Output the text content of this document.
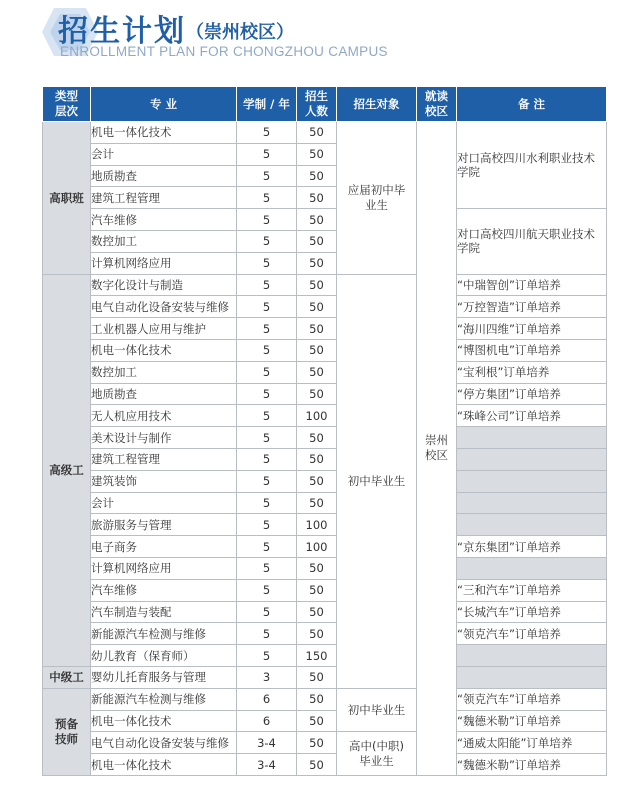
招生计划 （崇州校区）
ENROLLMENT PLAN FOR CHONGZHOU CAMPUS
类型层次	专 业	学制 / 年	招生人数	招生对象	就读校区	备 注
高职班	机电一体化技术	5	50	应届初中毕业生	崇州校区	对口高校四川水利职业技术学院
	会计	5	50			
	地质勘查	5	50			
	建筑工程管理	5	50			
	汽车维修	5	50			对口高校四川航天职业技术学院
	数控加工	5	50			
	计算机网络应用	5	50			
高级工	数字化设计与制造	5	50	初中毕业生		“中瑞智创”订单培养
	电气自动化设备安装与维修	5	50			“万控智造”订单培养
	工业机器人应用与维护	5	50			“海川四维”订单培养
	机电一体化技术	5	50			“博图机电”订单培养
	数控加工	5	50			“宝利根”订单培养
	地质勘查	5	50			“停方集团”订单培养
	无人机应用技术	5	100			“珠峰公司”订单培养
	美术设计与制作	5	50			
	建筑工程管理	5	50			
	建筑装饰	5	50			
	会计	5	50			
	旅游服务与管理	5	100			
	电子商务	5	100			“京东集团”订单培养
	计算机网络应用	5	50			
	汽车维修	5	50			“三和汽车”订单培养
	汽车制造与装配	5	50			“长城汽车”订单培养
	新能源汽车检测与维修	5	50			“领克汽车”订单培养
	幼儿教育（保育师）	5	150			
中级工	婴幼儿托育服务与管理	3	50			
预备技师	新能源汽车检测与维修	6	50	初中毕业生		“领克汽车”订单培养
	机电一体化技术	6	50			“魏德米勒”订单培养
	电气自动化设备安装与维修	3-4	50	高中(中职)毕业生		“通威太阳能”订单培养
	机电一体化技术	3-4	50			“魏德米勒”订单培养
